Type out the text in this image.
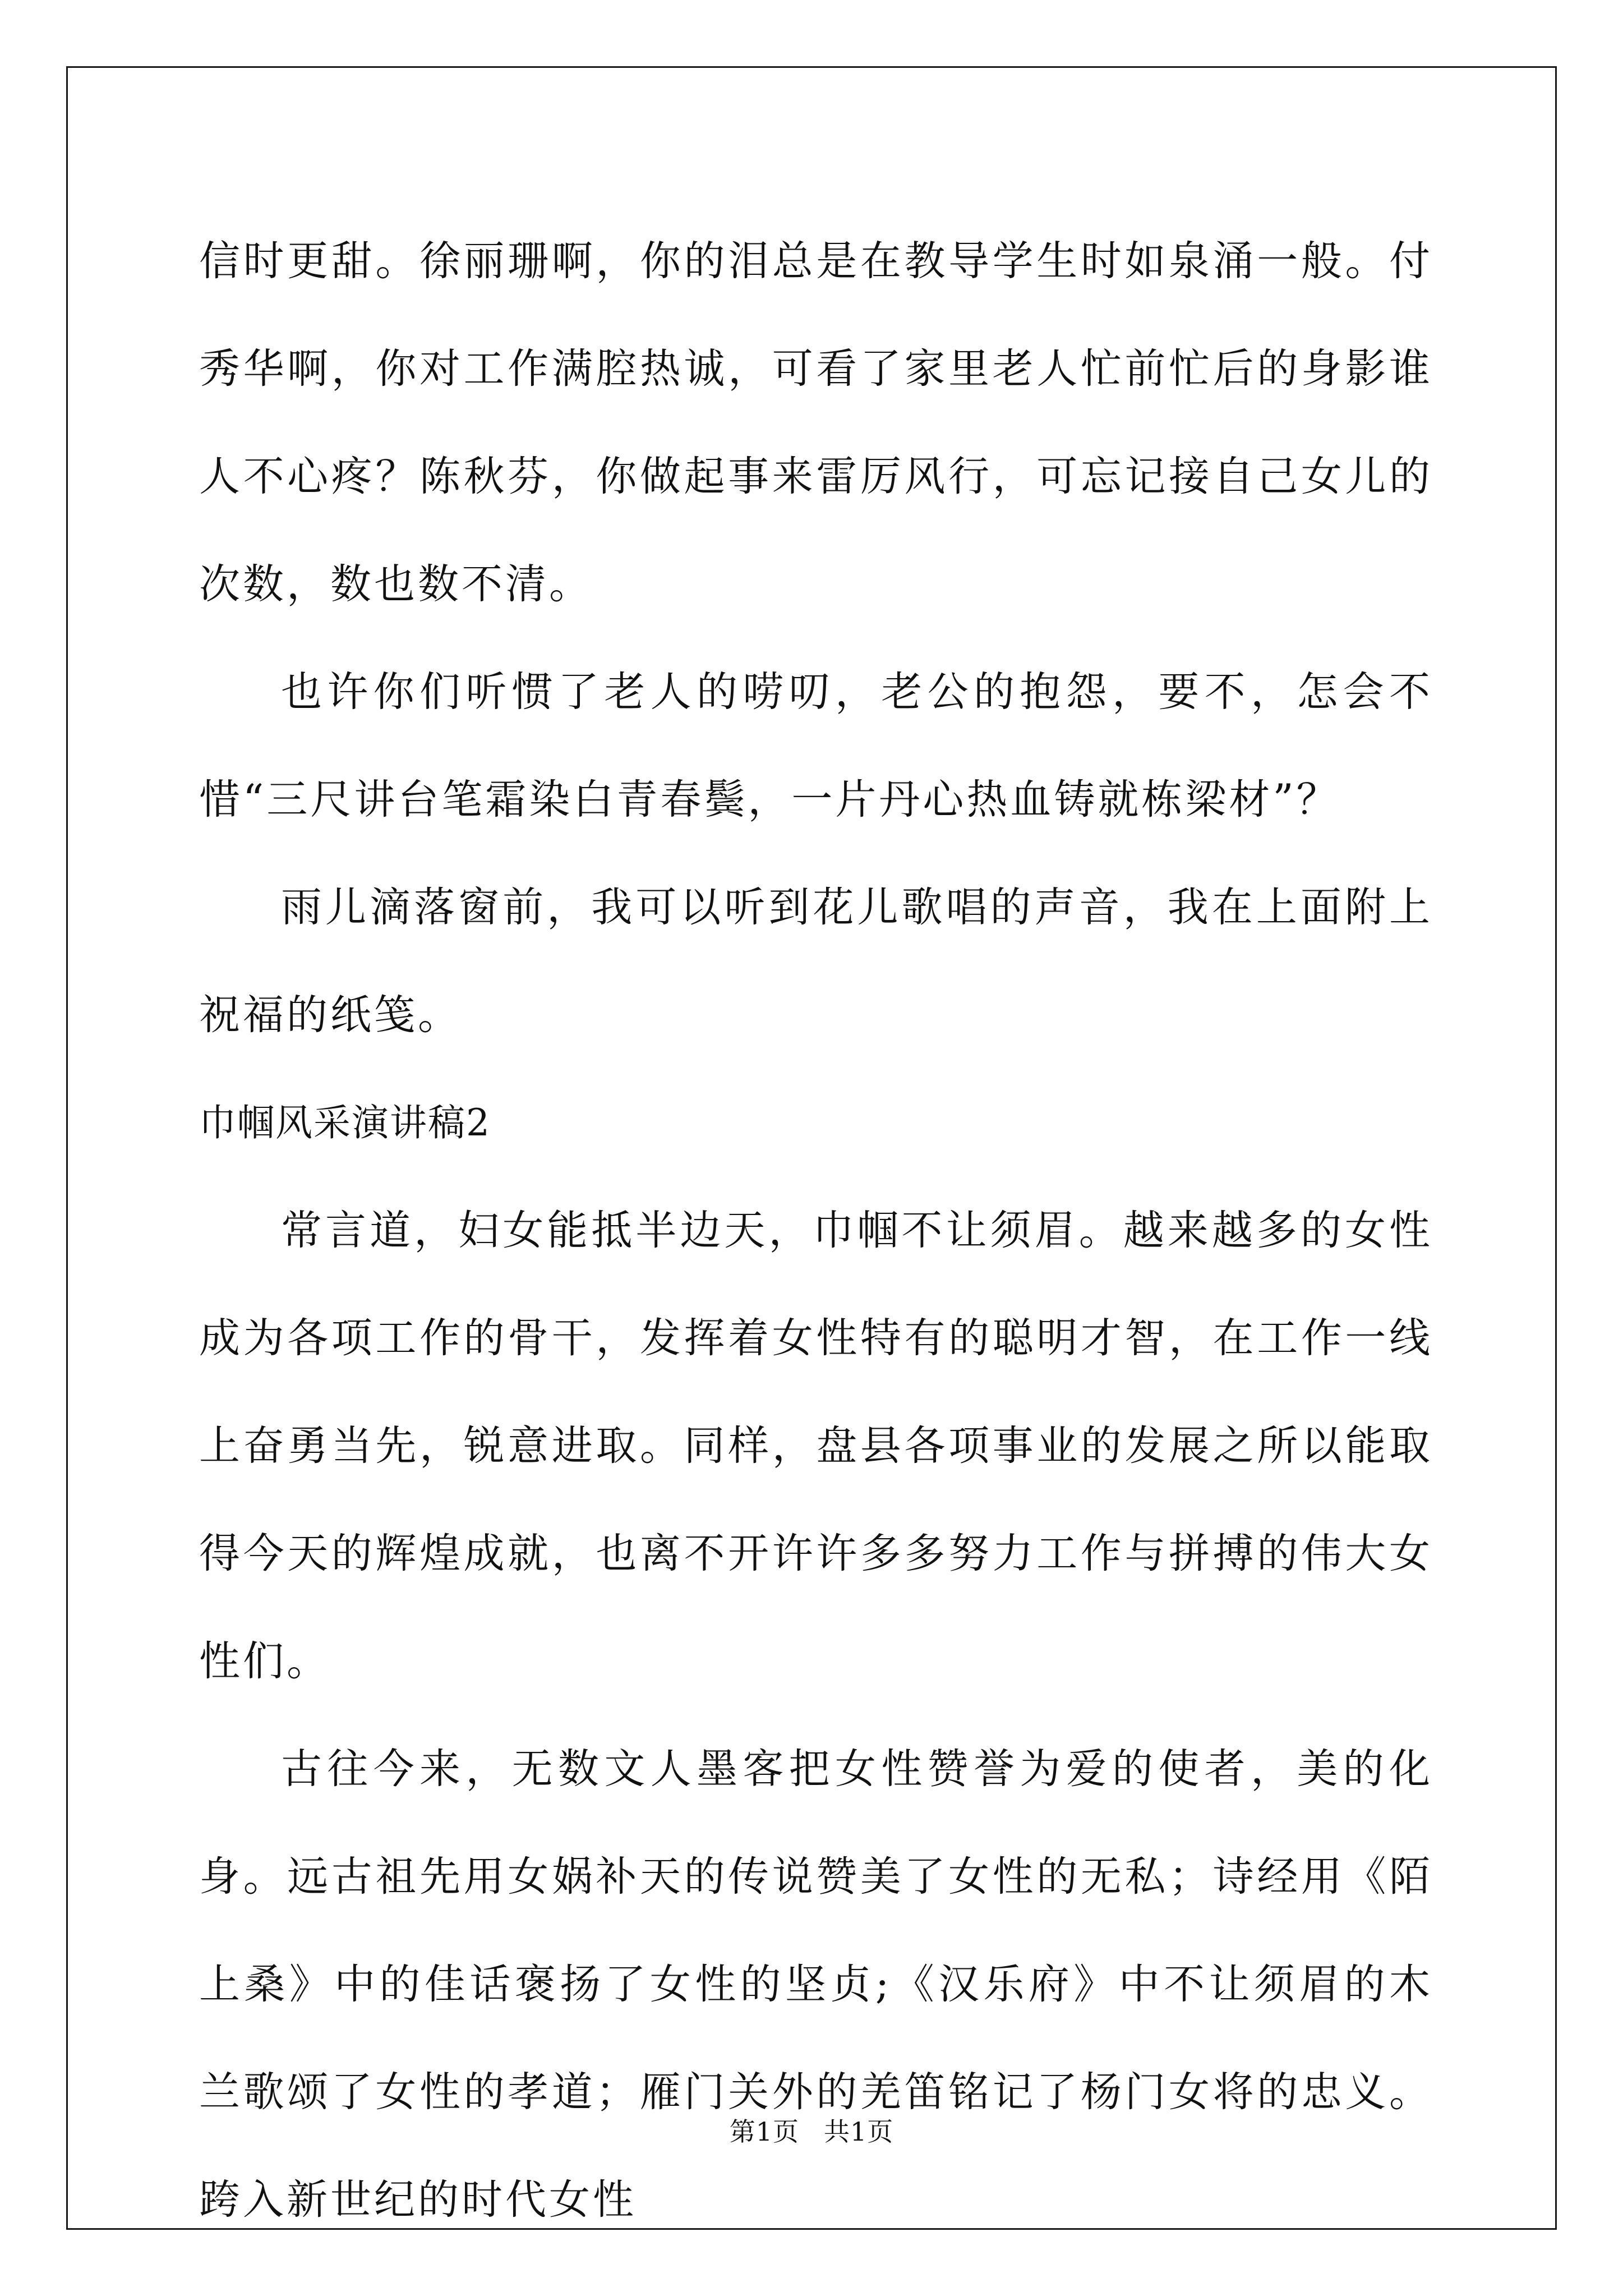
信时更甜。徐丽珊啊，你的泪总是在教导学生时如泉涌一般。付秀华啊，你对工作满腔热诚，可看了家里老人忙前忙后的身影谁人不心疼？陈秋芬，你做起事来雷厉风行，可忘记接自己女儿的次数，数也数不清。

也许你们听惯了老人的唠叨，老公的抱怨，要不，怎会不惜“三尺讲台笔霜染白青春鬓，一片丹心热血铸就栋梁材”？

雨儿滴落窗前，我可以听到花儿歌唱的声音，我在上面附上祝福的纸笺。

巾帼风采演讲稿2

常言道，妇女能抵半边天，巾帼不让须眉。越来越多的女性成为各项工作的骨干，发挥着女性特有的聪明才智，在工作一线上奋勇当先，锐意进取。同样，盘县各项事业的发展之所以能取得今天的辉煌成就，也离不开许许多多努力工作与拼搏的伟大女性们。

古往今来，无数文人墨客把女性赞誉为爱的使者，美的化身。远古祖先用女娲补天的传说赞美了女性的无私；诗经用《陌上桑》中的佳话褒扬了女性的坚贞;《汉乐府》中不让须眉的木兰歌颂了女性的孝道；雁门关外的羌笛铭记了杨门女将的忠义。跨入新世纪的时代女性

第1页 共1页
